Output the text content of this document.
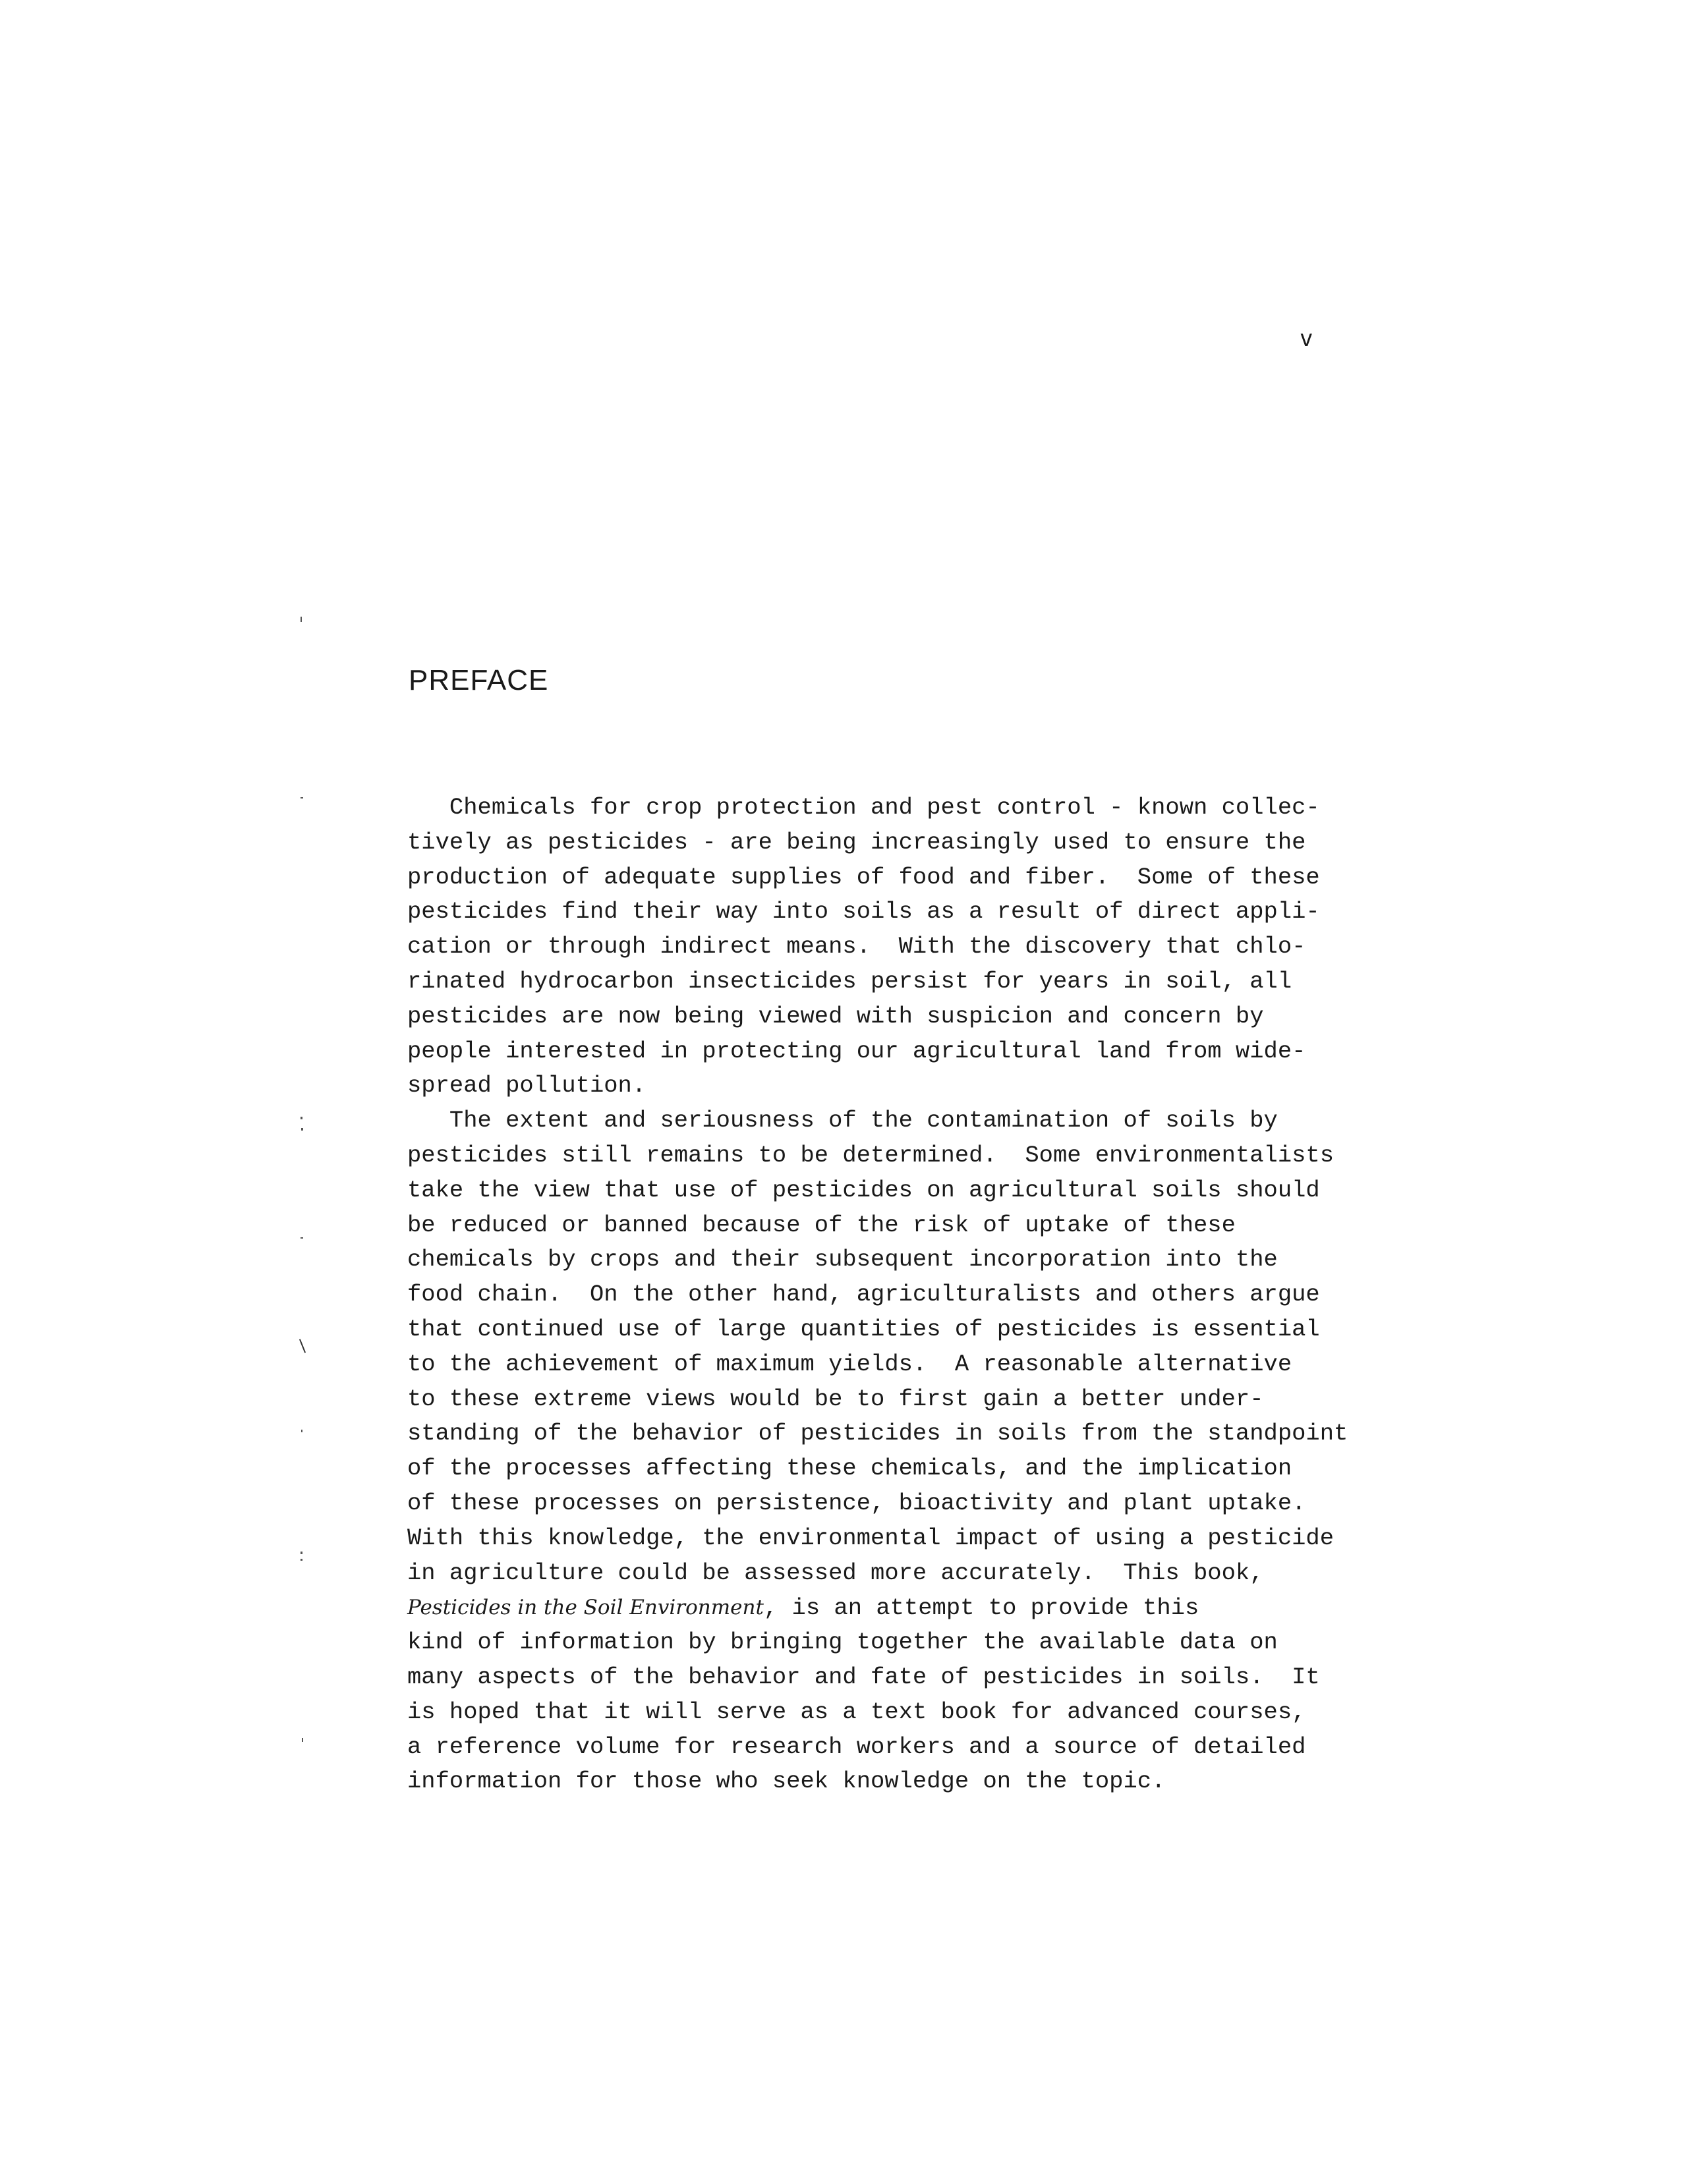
v
PREFACE
Chemicals for crop protection and pest control - known collec-
tively as pesticides - are being increasingly used to ensure the
production of adequate supplies of food and fiber.  Some of these
pesticides find their way into soils as a result of direct appli-
cation or through indirect means.  With the discovery that chlo-
rinated hydrocarbon insecticides persist for years in soil, all
pesticides are now being viewed with suspicion and concern by
people interested in protecting our agricultural land from wide-
spread pollution.
The extent and seriousness of the contamination of soils by
pesticides still remains to be determined.  Some environmentalists
take the view that use of pesticides on agricultural soils should
be reduced or banned because of the risk of uptake of these
chemicals by crops and their subsequent incorporation into the
food chain.  On the other hand, agriculturalists and others argue
that continued use of large quantities of pesticides is essential
to the achievement of maximum yields.  A reasonable alternative
to these extreme views would be to first gain a better under-
standing of the behavior of pesticides in soils from the standpoint
of the processes affecting these chemicals, and the implication
of these processes on persistence, bioactivity and plant uptake.
With this knowledge, the environmental impact of using a pesticide
in agriculture could be assessed more accurately.  This book,
Pesticides in the Soil Environment, is an attempt to provide this
kind of information by bringing together the available data on
many aspects of the behavior and fate of pesticides in soils.  It
is hoped that it will serve as a text book for advanced courses,
a reference volume for research workers and a source of detailed
information for those who seek knowledge on the topic.
